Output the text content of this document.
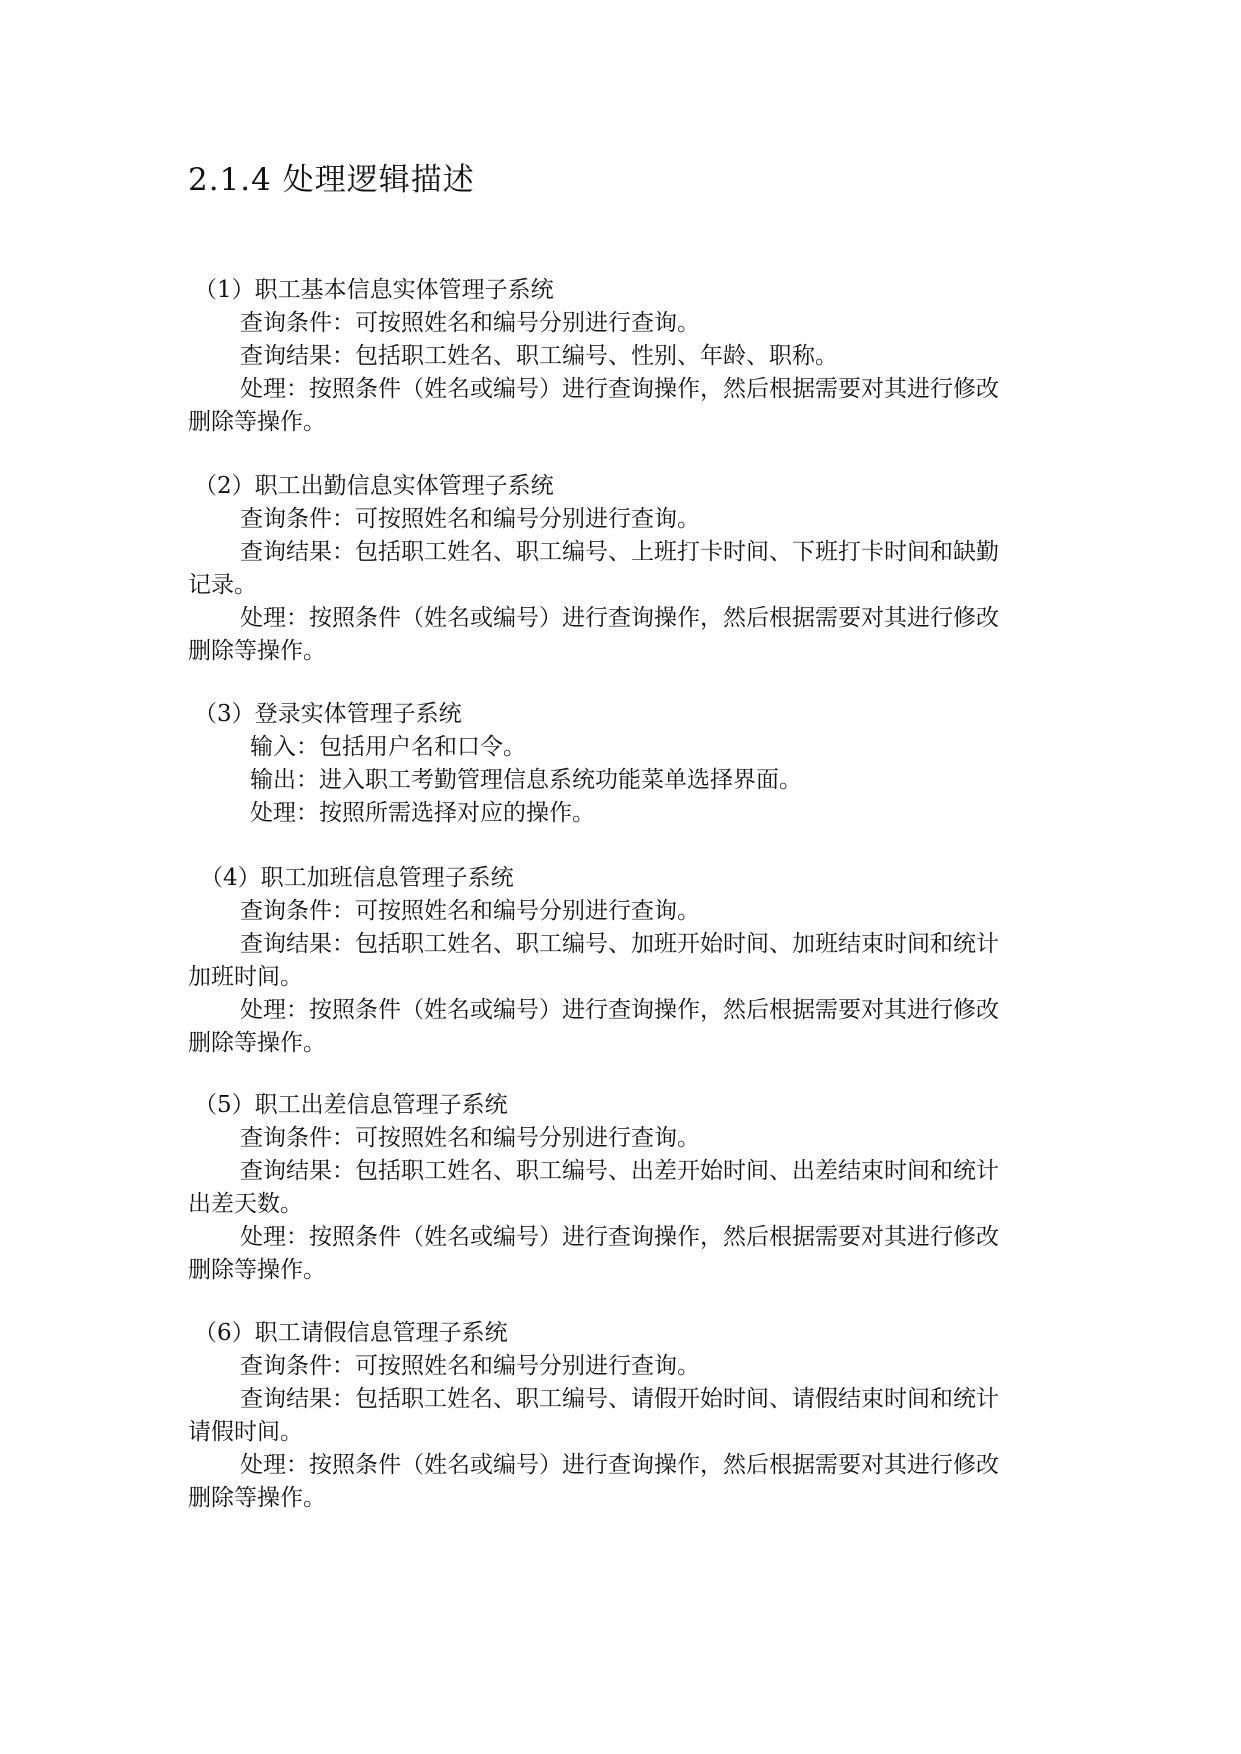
2.1.4 处理逻辑描述
（1）职工基本信息实体管理子系统
查询条件：可按照姓名和编号分别进行查询。
查询结果：包括职工姓名、职工编号、性别、年龄、职称。
处理：按照条件（姓名或编号）进行查询操作，然后根据需要对其进行修改
删除等操作。
（2）职工出勤信息实体管理子系统
查询条件：可按照姓名和编号分别进行查询。
查询结果：包括职工姓名、职工编号、上班打卡时间、下班打卡时间和缺勤
记录。
处理：按照条件（姓名或编号）进行查询操作，然后根据需要对其进行修改
删除等操作。
（3）登录实体管理子系统
输入：包括用户名和口令。
输出：进入职工考勤管理信息系统功能菜单选择界面。
处理：按照所需选择对应的操作。
（4）职工加班信息管理子系统
查询条件：可按照姓名和编号分别进行查询。
查询结果：包括职工姓名、职工编号、加班开始时间、加班结束时间和统计
加班时间。
处理：按照条件（姓名或编号）进行查询操作，然后根据需要对其进行修改
删除等操作。
（5）职工出差信息管理子系统
查询条件：可按照姓名和编号分别进行查询。
查询结果：包括职工姓名、职工编号、出差开始时间、出差结束时间和统计
出差天数。
处理：按照条件（姓名或编号）进行查询操作，然后根据需要对其进行修改
删除等操作。
（6）职工请假信息管理子系统
查询条件：可按照姓名和编号分别进行查询。
查询结果：包括职工姓名、职工编号、请假开始时间、请假结束时间和统计
请假时间。
处理：按照条件（姓名或编号）进行查询操作，然后根据需要对其进行修改
删除等操作。
